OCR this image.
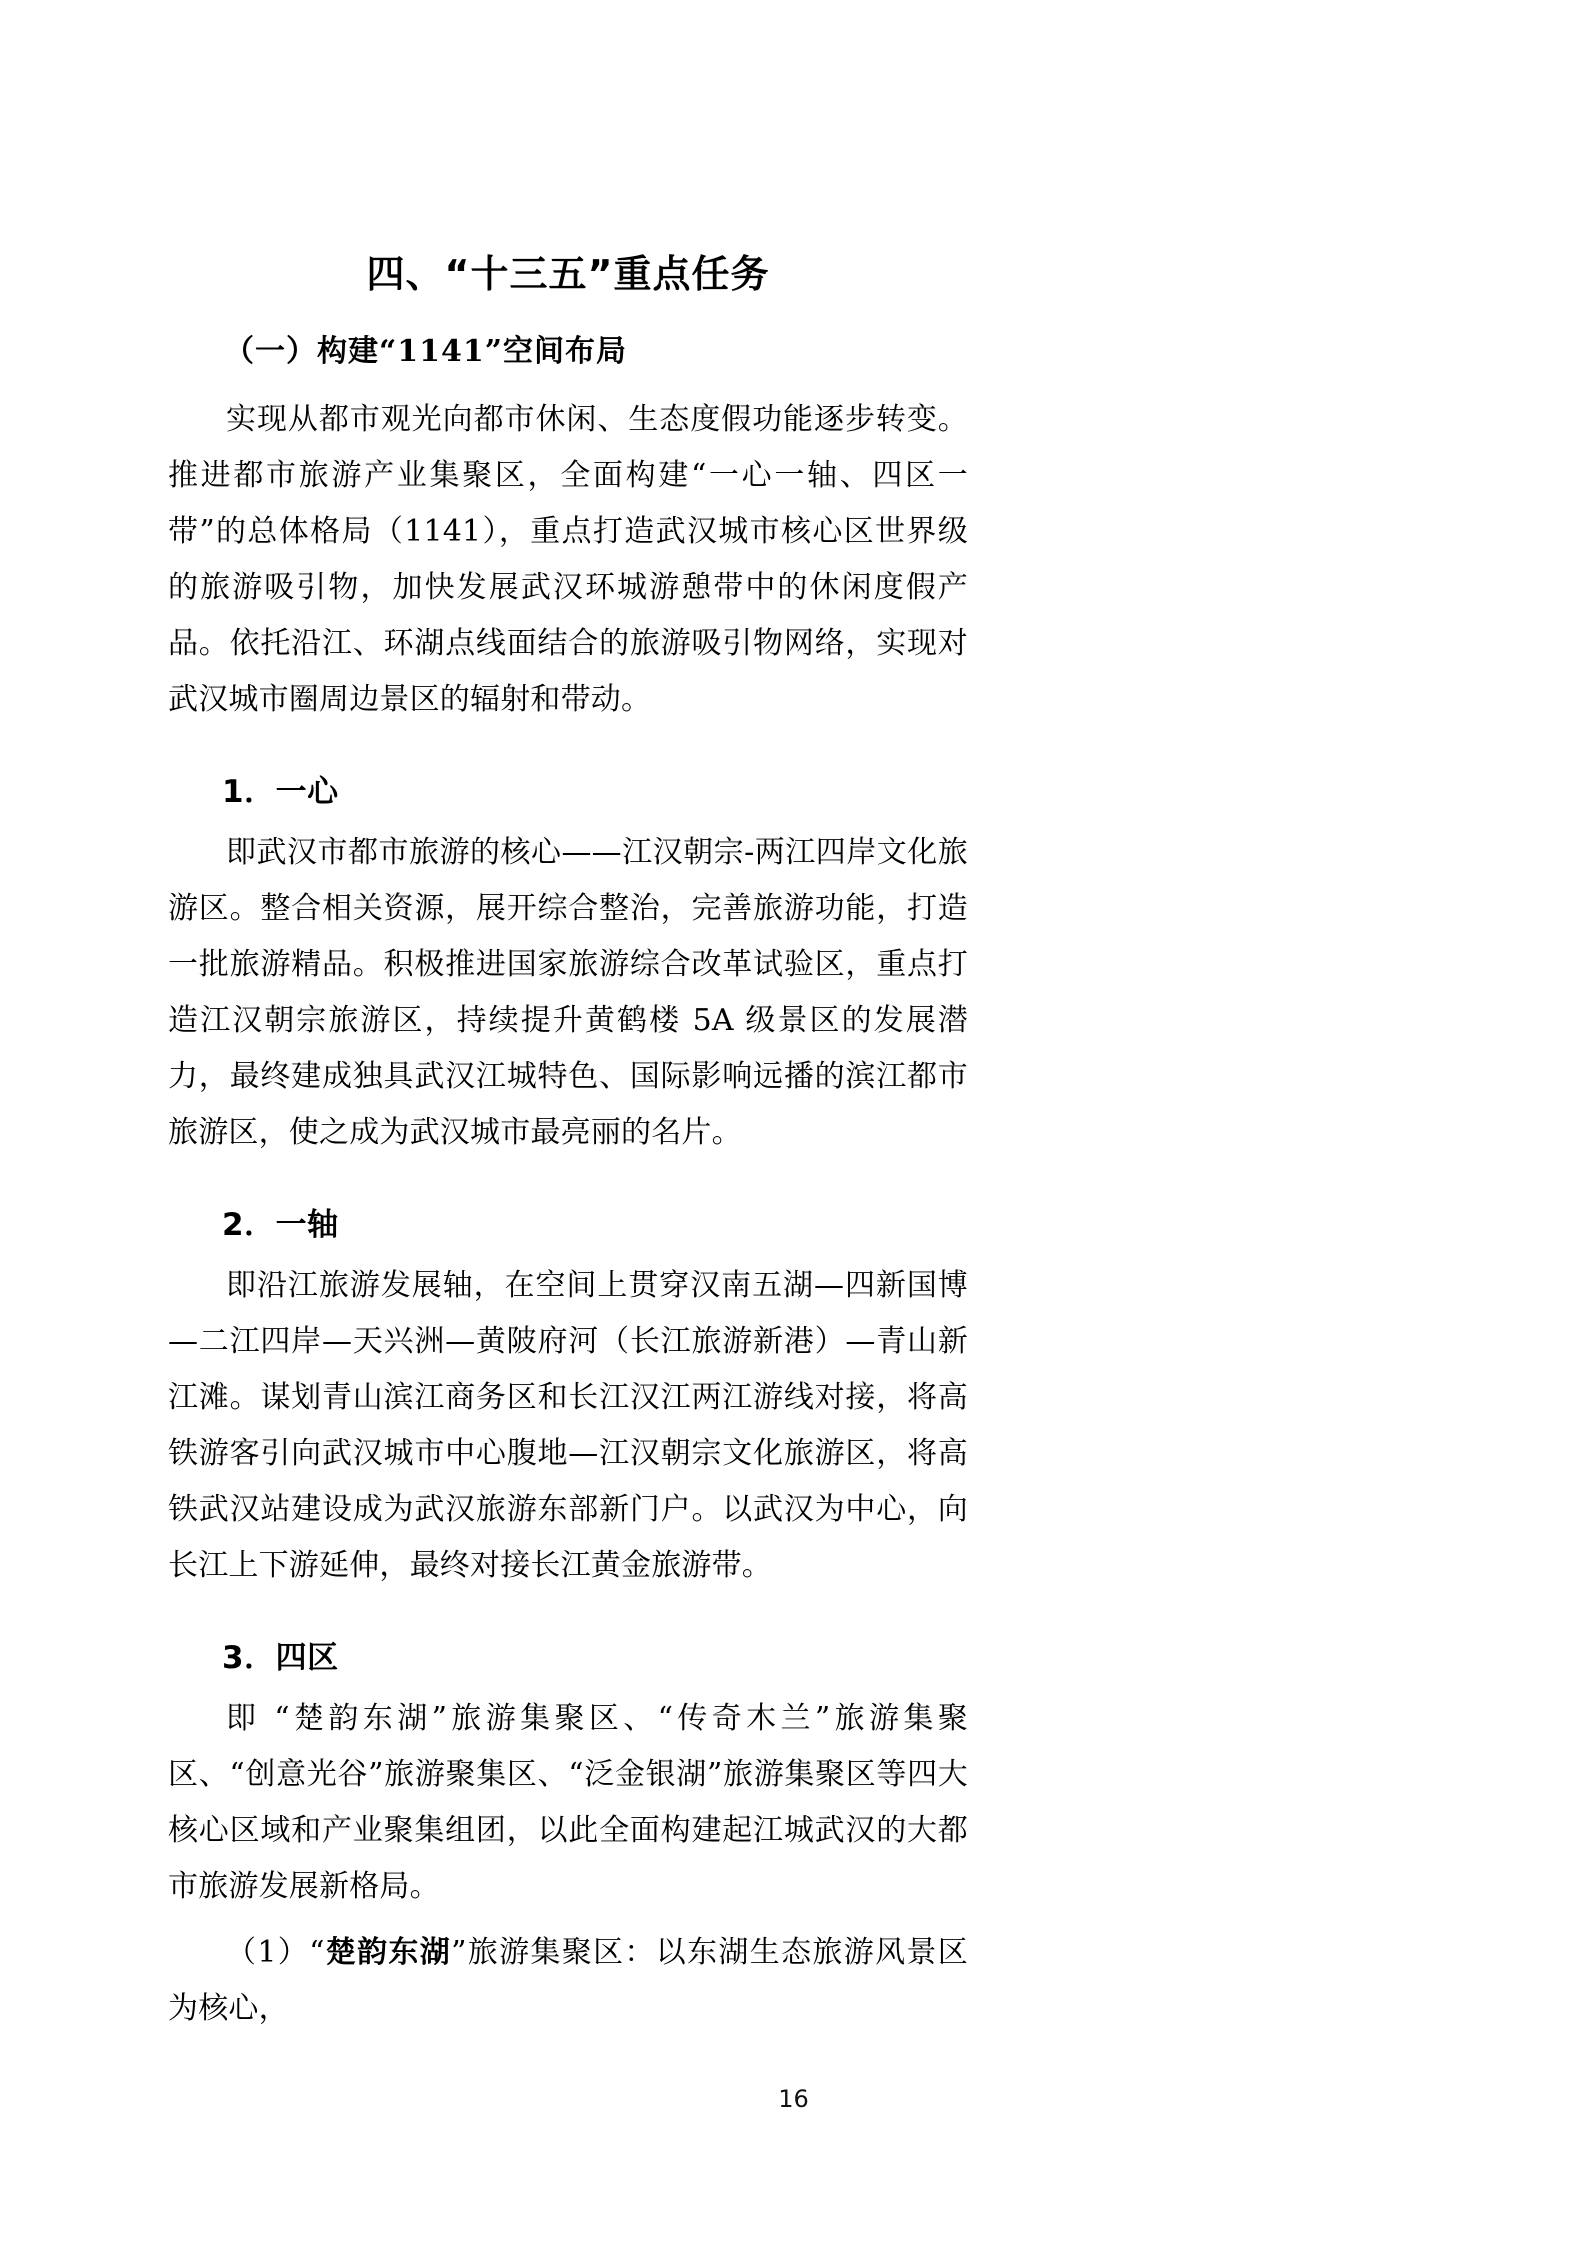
四、“十三五”重点任务
（一）构建“1141”空间布局

实现从都市观光向都市休闲、生态度假功能逐步转变。推进都市旅游产业集聚区，全面构建“一心一轴、四区一带”的总体格局（1141），重点打造武汉城市核心区世界级的旅游吸引物，加快发展武汉环城游憩带中的休闲度假产品。依托沿江、环湖点线面结合的旅游吸引物网络，实现对武汉城市圈周边景区的辐射和带动。

1．一心

即武汉市都市旅游的核心——江汉朝宗-两江四岸文化旅游区。整合相关资源，展开综合整治，完善旅游功能，打造一批旅游精品。积极推进国家旅游综合改革试验区，重点打造江汉朝宗旅游区，持续提升黄鹤楼 5A 级景区的发展潜力，最终建成独具武汉江城特色、国际影响远播的滨江都市旅游区，使之成为武汉城市最亮丽的名片。

2．一轴

即沿江旅游发展轴，在空间上贯穿汉南五湖—四新国博—二江四岸—天兴洲—黄陂府河（长江旅游新港）—青山新江滩。谋划青山滨江商务区和长江汉江两江游线对接，将高铁游客引向武汉城市中心腹地—江汉朝宗文化旅游区，将高铁武汉站建设成为武汉旅游东部新门户。以武汉为中心，向长江上下游延伸，最终对接长江黄金旅游带。

3．四区

即 “楚韵东湖”旅游集聚区、“传奇木兰”旅游集聚区、“创意光谷”旅游聚集区、“泛金银湖”旅游集聚区等四大核心区域和产业聚集组团，以此全面构建起江城武汉的大都市旅游发展新格局。

（1）“楚韵东湖”旅游集聚区：以东湖生态旅游风景区为核心，

16
